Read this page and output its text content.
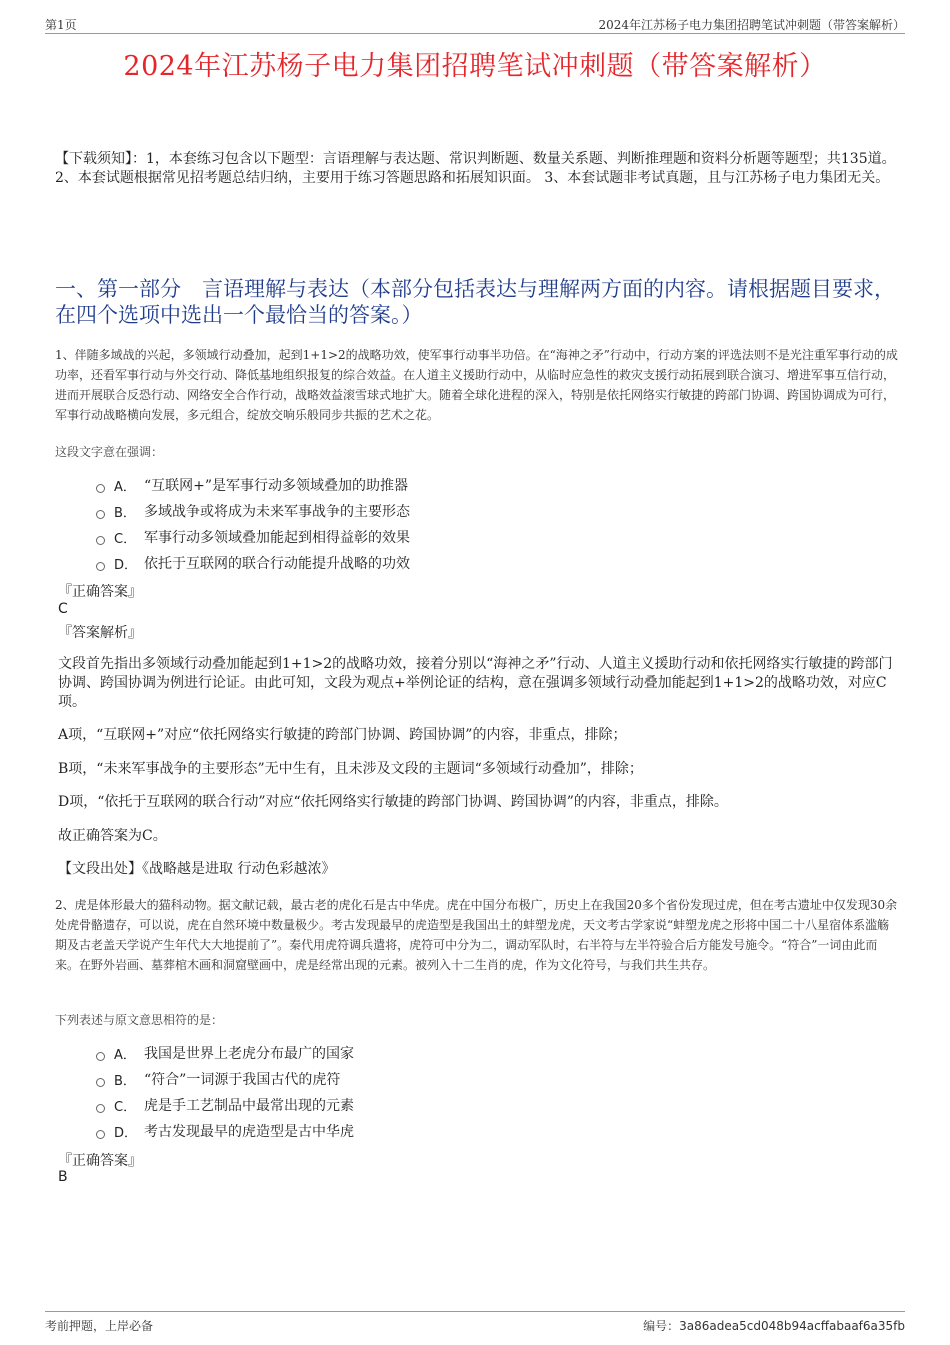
第1页	2024年江苏杨子电力集团招聘笔试冲刺题（带答案解析）
2024年江苏杨子电力集团招聘笔试冲刺题（带答案解析）
【下载须知】：1，本套练习包含以下题型：言语理解与表达题、常识判断题、数量关系题、判断推理题和资料分析题等题型；共135道。 2、本套试题根据常见招考题总结归纳，主要用于练习答题思路和拓展知识面。 3、本套试题非考试真题，且与江苏杨子电力集团无关。
一、第一部分　言语理解与表达（本部分包括表达与理解两方面的内容。请根据题目要求，在四个选项中选出一个最恰当的答案。）
1、伴随多域战的兴起，多领域行动叠加，起到1+1>2的战略功效，使军事行动事半功倍。在“海神之矛”行动中，行动方案的评选法则不是光注重军事行动的成功率，还看军事行动与外交行动、降低基地组织报复的综合效益。在人道主义援助行动中，从临时应急性的救灾支援行动拓展到联合演习、增进军事互信行动，进而开展联合反恐行动、网络安全合作行动，战略效益滚雪球式地扩大。随着全球化进程的深入，特别是依托网络实行敏捷的跨部门协调、跨国协调成为可行，军事行动战略横向发展，多元组合，绽放交响乐般同步共振的艺术之花。
这段文字意在强调：
A． “互联网+”是军事行动多领域叠加的助推器
B． 多域战争或将成为未来军事战争的主要形态
C． 军事行动多领域叠加能起到相得益彰的效果
D． 依托于互联网的联合行动能提升战略的功效
『正确答案』
C
『答案解析』
文段首先指出多领域行动叠加能起到1+1>2的战略功效，接着分别以“海神之矛”行动、人道主义援助行动和依托网络实行敏捷的跨部门协调、跨国协调为例进行论证。由此可知，文段为观点+举例论证的结构，意在强调多领域行动叠加能起到1+1>2的战略功效，对应C项。
A项，“互联网+”对应“依托网络实行敏捷的跨部门协调、跨国协调”的内容，非重点，排除；
B项，“未来军事战争的主要形态”无中生有，且未涉及文段的主题词“多领域行动叠加”，排除；
D项，“依托于互联网的联合行动”对应“依托网络实行敏捷的跨部门协调、跨国协调”的内容，非重点，排除。
故正确答案为C。
【文段出处】《战略越是进取 行动色彩越浓》
2、虎是体形最大的猫科动物。据文献记载，最古老的虎化石是古中华虎。虎在中国分布极广，历史上在我国20多个省份发现过虎，但在考古遗址中仅发现30余处虎骨骼遗存，可以说，虎在自然环境中数量极少。考古发现最早的虎造型是我国出土的蚌塑龙虎，天文考古学家说“蚌塑龙虎之形将中国二十八星宿体系滥觞期及古老盖天学说产生年代大大地提前了”。秦代用虎符调兵遣将，虎符可中分为二，调动军队时，右半符与左半符验合后方能发号施令。“符合”一词由此而来。在野外岩画、墓葬棺木画和洞窟壁画中，虎是经常出现的元素。被列入十二生肖的虎，作为文化符号，与我们共生共存。
下列表述与原文意思相符的是：
A． 我国是世界上老虎分布最广的国家
B． “符合”一词源于我国古代的虎符
C． 虎是手工艺制品中最常出现的元素
D． 考古发现最早的虎造型是古中华虎
『正确答案』
B
考前押题，上岸必备	编号：3a86adea5cd048b94acffabaaf6a35fb
